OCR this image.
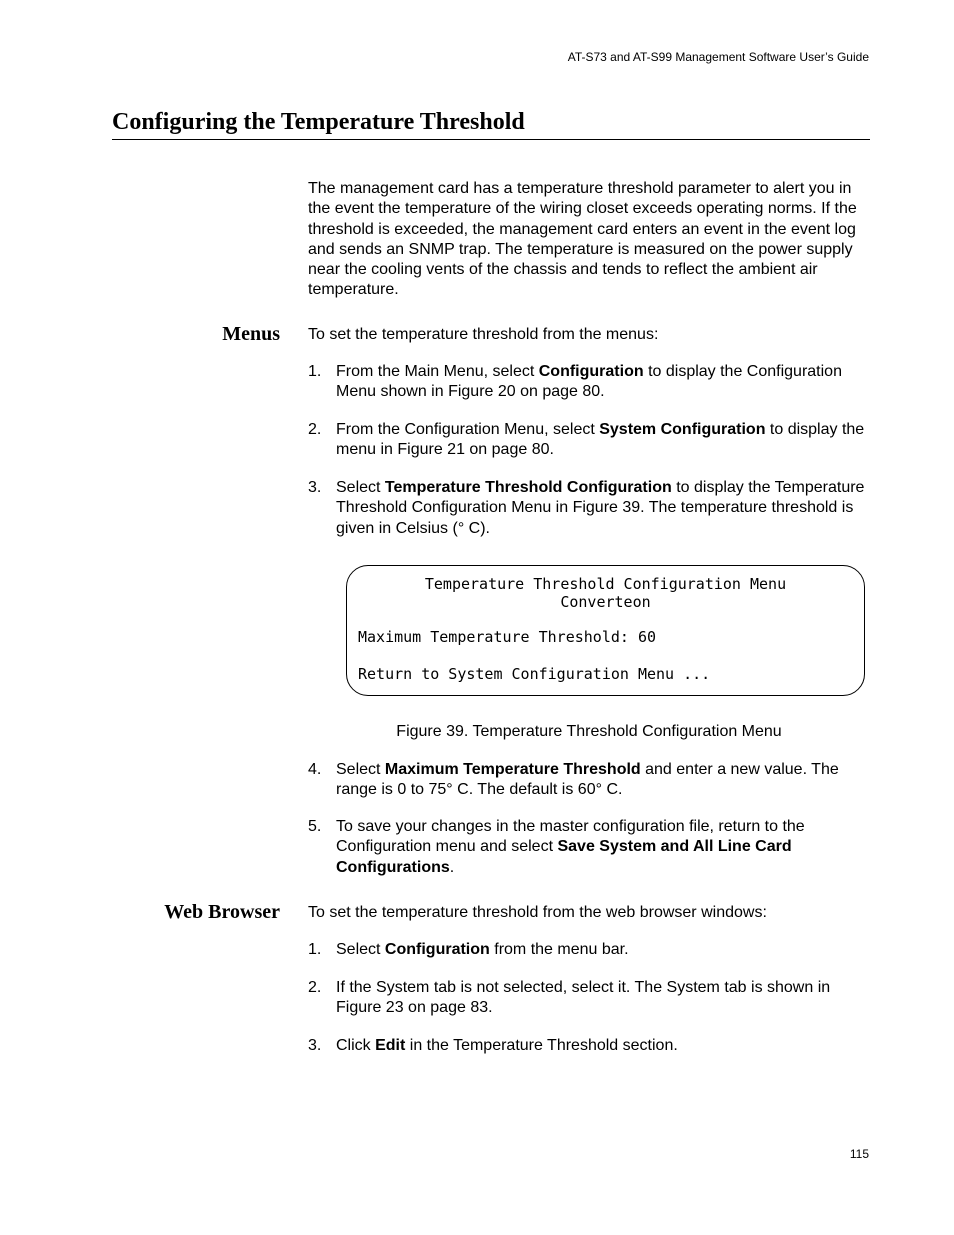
AT-S73 and AT-S99 Management Software User’s Guide
Configuring the Temperature Threshold

The management card has a temperature threshold parameter to alert you in the event the temperature of the wiring closet exceeds operating norms. If the threshold is exceeded, the management card enters an event in the event log and sends an SNMP trap. The temperature is measured on the power supply near the cooling vents of the chassis and tends to reflect the ambient air temperature.

Menus To set the temperature threshold from the menus:

1. From the Main Menu, select Configuration to display the Configuration Menu shown in Figure 20 on page 80.
2. From the Configuration Menu, select System Configuration to display the menu in Figure 21 on page 80.
3. Select Temperature Threshold Configuration to display the Temperature Threshold Configuration Menu in Figure 39. The temperature threshold is given in Celsius (° C).
Temperature Threshold Configuration Menu
Converteon
Maximum Temperature Threshold: 60
Return to System Configuration Menu ...
Figure 39. Temperature Threshold Configuration Menu
4. Select Maximum Temperature Threshold and enter a new value. The range is 0 to 75° C. The default is 60° C.
5. To save your changes in the master configuration file, return to the Configuration menu and select Save System and All Line Card Configurations.
Web Browser To set the temperature threshold from the web browser windows:

1. Select Configuration from the menu bar.
2. If the System tab is not selected, select it. The System tab is shown in Figure 23 on page 83.
3. Click Edit in the Temperature Threshold section.
115
